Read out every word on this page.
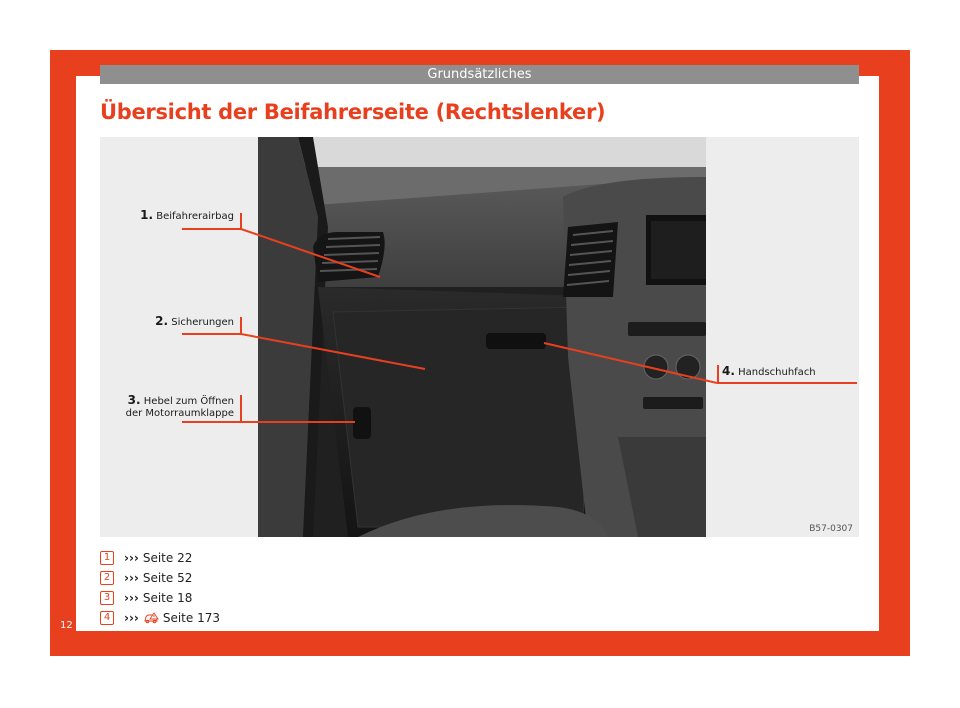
Grundsätzliches
Übersicht der Beifahrerseite (Rechtslenker)
1. Beifahrerairbag
2. Sicherungen
3. Hebel zum Öffnen
der Motorraumklappe
4. Handschuhfach
B57-0307
1	››› Seite 22
2	››› Seite 52
3	››› Seite 18
4	››› Seite 173
12
